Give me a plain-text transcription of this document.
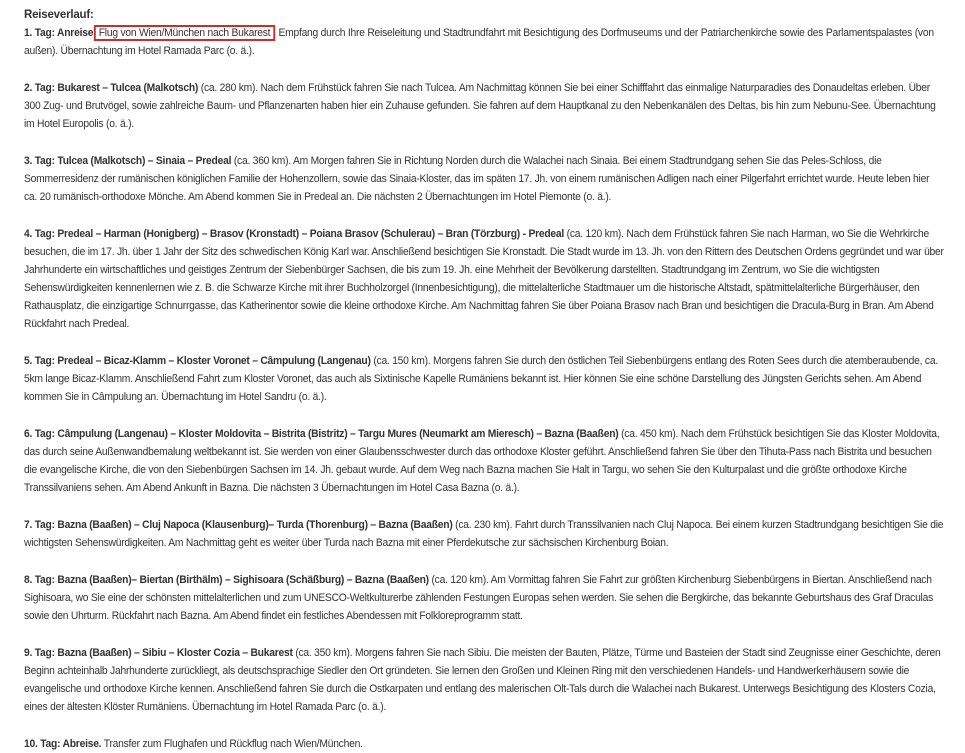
Reiseverlauf:

1. Tag: Anreise Flug von Wien/München nach Bukarest Empfang durch Ihre Reiseleitung und Stadtrundfahrt mit Besichtigung des Dorfmuseums und der Patriarchenkirche sowie des Parlamentspalastes (von außen). Übernachtung im Hotel Ramada Parc (o. ä.).

2. Tag: Bukarest – Tulcea (Malkotsch) (ca. 280 km). Nach dem Frühstück fahren Sie nach Tulcea. Am Nachmittag können Sie bei einer Schifffahrt das einmalige Naturparadies des Donaudeltas erleben. Über 300 Zug- und Brutvögel, sowie zahlreiche Baum- und Pflanzenarten haben hier ein Zuhause gefunden. Sie fahren auf dem Hauptkanal zu den Nebenkanälen des Deltas, bis hin zum Nebunu-See. Übernachtung im Hotel Europolis (o. ä.).

3. Tag: Tulcea (Malkotsch) – Sinaia – Predeal (ca. 360 km). Am Morgen fahren Sie in Richtung Norden durch die Walachei nach Sinaia. Bei einem Stadtrundgang sehen Sie das Peles-Schloss, die Sommerresidenz der rumänischen königlichen Familie der Hohenzollern, sowie das Sinaia-Kloster, das im späten 17. Jh. von einem rumänischen Adligen nach einer Pilgerfahrt errichtet wurde. Heute leben hier ca. 20 rumänisch-orthodoxe Mönche. Am Abend kommen Sie in Predeal an. Die nächsten 2 Übernachtungen im Hotel Piemonte (o. ä.).

4. Tag: Predeal – Harman (Honigberg) – Brasov (Kronstadt) – Poiana Brasov (Schulerau) – Bran (Törzburg) - Predeal (ca. 120 km). Nach dem Frühstück fahren Sie nach Harman, wo Sie die Wehrkirche besuchen, die im 17. Jh. über 1 Jahr der Sitz des schwedischen König Karl war. Anschließend besichtigen Sie Kronstadt. Die Stadt wurde im 13. Jh. von den Rittern des Deutschen Ordens gegründet und war über Jahrhunderte ein wirtschaftliches und geistiges Zentrum der Siebenbürger Sachsen, die bis zum 19. Jh. eine Mehrheit der Bevölkerung darstellten. Stadtrundgang im Zentrum, wo Sie die wichtigsten Sehenswürdigkeiten kennenlernen wie z. B. die Schwarze Kirche mit ihrer Buchholzorgel (Innenbesichtigung), die mittelalterliche Stadtmauer um die historische Altstadt, spätmittelalterliche Bürgerhäuser, den Rathausplatz, die einzigartige Schnurrgasse, das Katherinentor sowie die kleine orthodoxe Kirche. Am Nachmittag fahren Sie über Poiana Brasov nach Bran und besichtigen die Dracula-Burg in Bran. Am Abend Rückfahrt nach Predeal.

5. Tag: Predeal – Bicaz-Klamm – Kloster Voronet – Câmpulung (Langenau) (ca. 150 km). Morgens fahren Sie durch den östlichen Teil Siebenbürgens entlang des Roten Sees durch die atemberaubende, ca. 5km lange Bicaz-Klamm. Anschließend Fahrt zum Kloster Voronet, das auch als Sixtinische Kapelle Rumäniens bekannt ist. Hier können Sie eine schöne Darstellung des Jüngsten Gerichts sehen. Am Abend kommen Sie in Câmpulung an. Übernachtung im Hotel Sandru (o. ä.).

6. Tag: Câmpulung (Langenau) – Kloster Moldovita – Bistrita (Bistritz) – Targu Mures (Neumarkt am Mieresch) – Bazna (Baaßen) (ca. 450 km). Nach dem Frühstück besichtigen Sie das Kloster Moldovita, das durch seine Außenwandbemalung weltbekannt ist. Sie werden von einer Glaubensschwester durch das orthodoxe Kloster geführt. Anschließend fahren Sie über den Tihuta-Pass nach Bistrita und besuchen die evangelische Kirche, die von den Siebenbürgen Sachsen im 14. Jh. gebaut wurde. Auf dem Weg nach Bazna machen Sie Halt in Targu, wo sehen Sie den Kulturpalast und die größte orthodoxe Kirche Transsilvaniens sehen. Am Abend Ankunft in Bazna. Die nächsten 3 Übernachtungen im Hotel Casa Bazna (o. ä.).

7. Tag: Bazna (Baaßen) – Cluj Napoca (Klausenburg)– Turda (Thorenburg) – Bazna (Baaßen) (ca. 230 km). Fahrt durch Transsilvanien nach Cluj Napoca. Bei einem kurzen Stadtrundgang besichtigen Sie die wichtigsten Sehenswürdigkeiten. Am Nachmittag geht es weiter über Turda nach Bazna mit einer Pferdekutsche zur sächsischen Kirchenburg Boian.

8. Tag: Bazna (Baaßen)– Biertan (Birthälm) – Sighisoara (Schäßburg) – Bazna (Baaßen) (ca. 120 km). Am Vormittag fahren Sie Fahrt zur größten Kirchenburg Siebenbürgens in Biertan. Anschließend nach Sighisoara, wo Sie eine der schönsten mittelalterlichen und zum UNESCO-Weltkulturerbe zählenden Festungen Europas sehen werden. Sie sehen die Bergkirche, das bekannte Geburtshaus des Graf Draculas sowie den Uhrturm. Rückfahrt nach Bazna. Am Abend findet ein festliches Abendessen mit Folkloreprogramm statt.

9. Tag: Bazna (Baaßen) – Sibiu – Kloster Cozia – Bukarest (ca. 350 km). Morgens fahren Sie nach Sibiu. Die meisten der Bauten, Plätze, Türme und Basteien der Stadt sind Zeugnisse einer Geschichte, deren Beginn achteinhalb Jahrhunderte zurückliegt, als deutschsprachige Siedler den Ort gründeten. Sie lernen den Großen und Kleinen Ring mit den verschiedenen Handels- und Handwerkerhäusern sowie die evangelische und orthodoxe Kirche kennen. Anschließend fahren Sie durch die Ostkarpaten und entlang des malerischen Olt-Tals durch die Walachei nach Bukarest. Unterwegs Besichtigung des Klosters Cozia, eines der ältesten Klöster Rumäniens. Übernachtung im Hotel Ramada Parc (o. ä.).

10. Tag: Abreise. Transfer zum Flughafen und Rückflug nach Wien/München.
